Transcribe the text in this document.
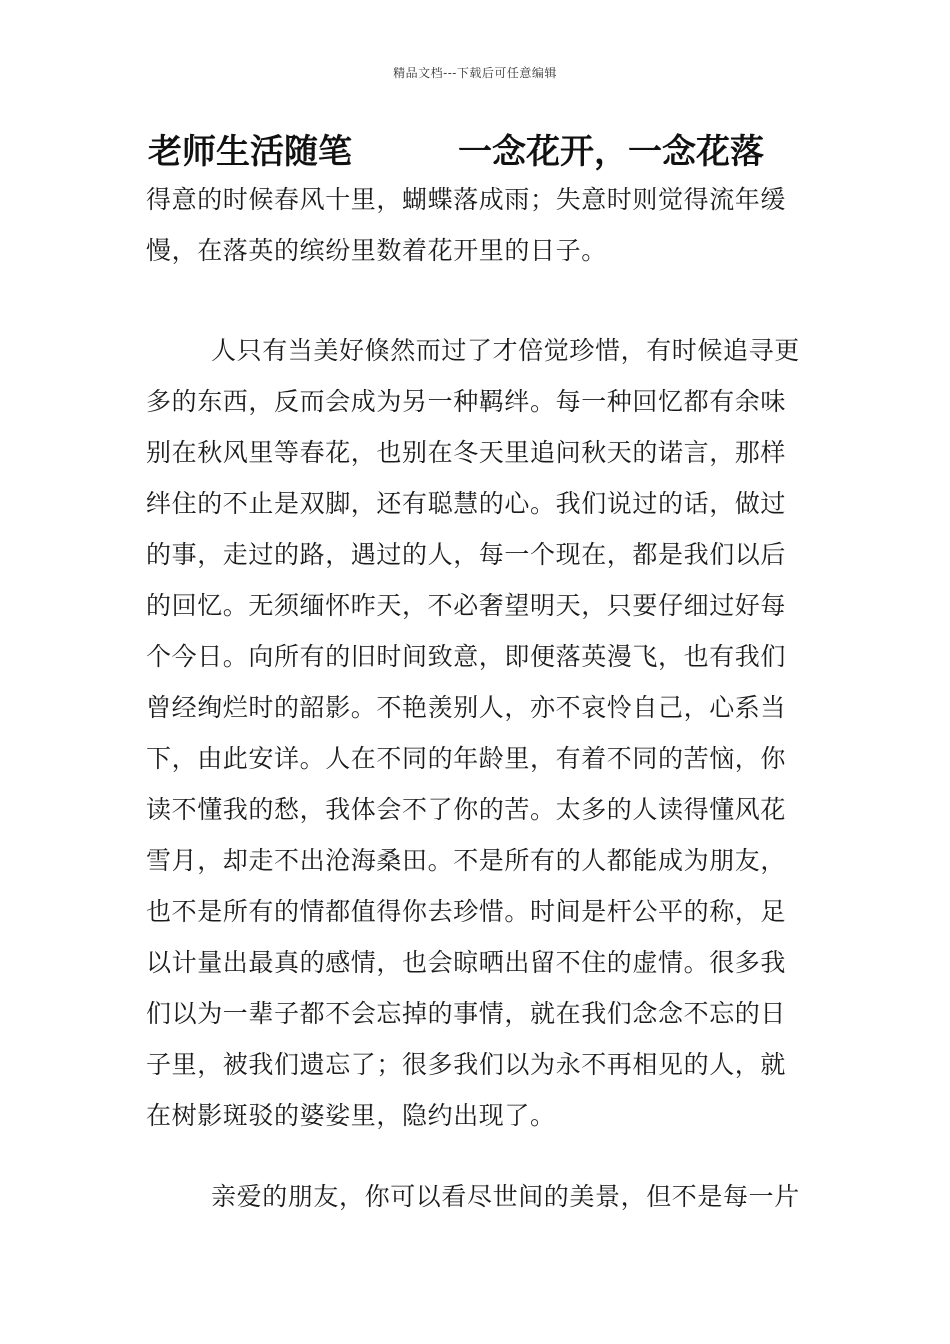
精品文档---下载后可任意编辑
老师生活随笔	一念花开，一念花落
得意的时候春风十里，蝴蝶落成雨；失意时则觉得流年缓
慢，在落英的缤纷里数着花开里的日子。
人只有当美好倏然而过了才倍觉珍惜，有时候追寻更
多的东西，反而会成为另一种羁绊。每一种回忆都有余味
别在秋风里等春花，也别在冬天里追问秋天的诺言，那样
绊住的不止是双脚，还有聪慧的心。我们说过的话，做过
的事，走过的路，遇过的人，每一个现在，都是我们以后
的回忆。无须缅怀昨天，不必奢望明天，只要仔细过好每
个今日。向所有的旧时间致意，即便落英漫飞，也有我们
曾经绚烂时的韶影。不艳羡别人，亦不哀怜自己，心系当
下，由此安详。人在不同的年龄里，有着不同的苦恼，你
读不懂我的愁，我体会不了你的苦。太多的人读得懂风花
雪月，却走不出沧海桑田。不是所有的人都能成为朋友，
也不是所有的情都值得你去珍惜。时间是杆公平的称，足
以计量出最真的感情，也会晾晒出留不住的虚情。很多我
们以为一辈子都不会忘掉的事情，就在我们念念不忘的日
子里，被我们遗忘了；很多我们以为永不再相见的人，就
在树影斑驳的婆娑里，隐约出现了。
亲爱的朋友，你可以看尽世间的美景，但不是每一片
